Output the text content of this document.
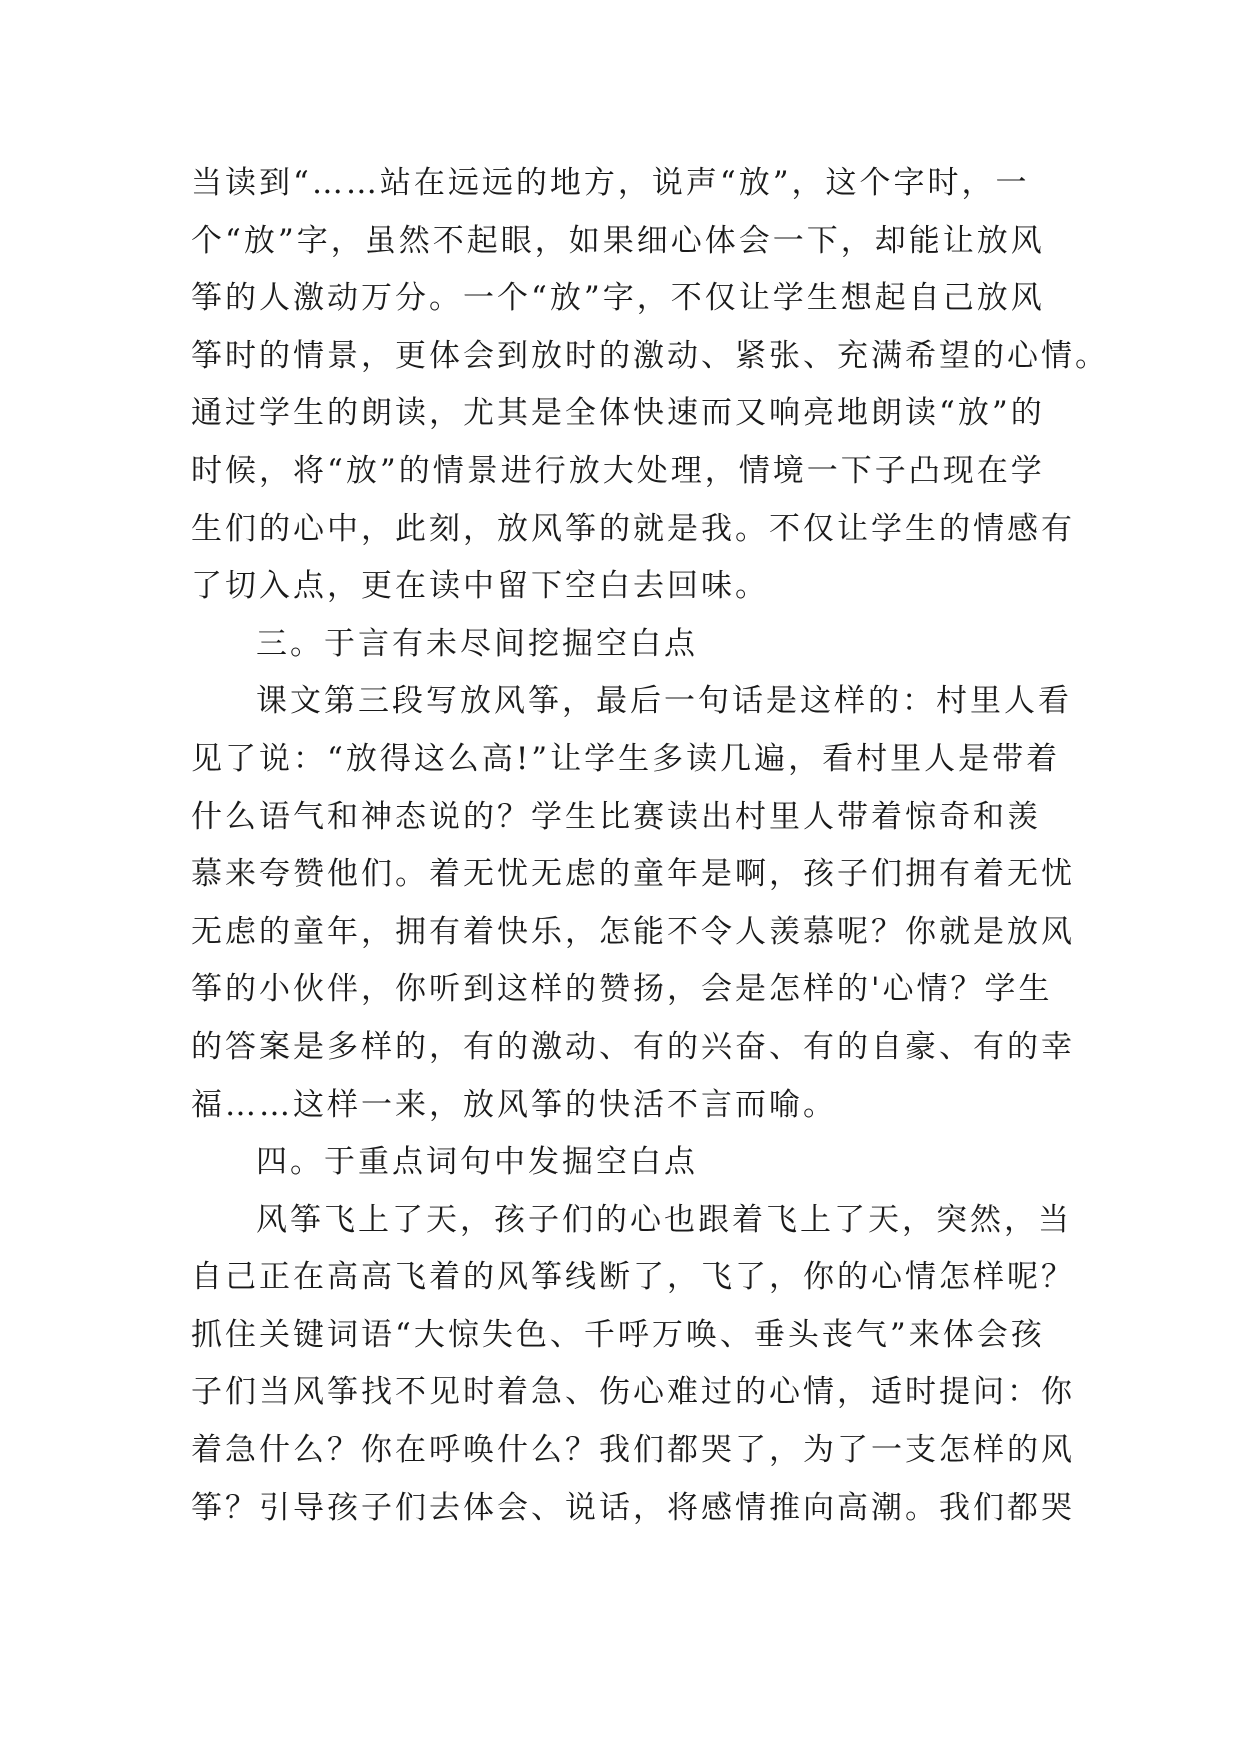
当读到“……站在远远的地方，说声“放”，这个字时，一
个“放”字，虽然不起眼，如果细心体会一下，却能让放风
筝的人激动万分。一个“放”字，不仅让学生想起自己放风
筝时的情景，更体会到放时的激动、紧张、充满希望的心情。
通过学生的朗读，尤其是全体快速而又响亮地朗读“放”的
时候，将“放”的情景进行放大处理，情境一下子凸现在学
生们的心中，此刻，放风筝的就是我。不仅让学生的情感有
了切入点，更在读中留下空白去回味。
三。于言有未尽间挖掘空白点
课文第三段写放风筝，最后一句话是这样的：村里人看
见了说：“放得这么高!”让学生多读几遍，看村里人是带着
什么语气和神态说的？学生比赛读出村里人带着惊奇和羡
慕来夸赞他们。着无忧无虑的童年是啊，孩子们拥有着无忧
无虑的童年，拥有着快乐，怎能不令人羡慕呢？你就是放风
筝的小伙伴，你听到这样的赞扬，会是怎样的'心情？学生
的答案是多样的，有的激动、有的兴奋、有的自豪、有的幸
福……这样一来，放风筝的快活不言而喻。
四。于重点词句中发掘空白点
风筝飞上了天，孩子们的心也跟着飞上了天，突然，当
自己正在高高飞着的风筝线断了，飞了，你的心情怎样呢？
抓住关键词语“大惊失色、千呼万唤、垂头丧气”来体会孩
子们当风筝找不见时着急、伤心难过的心情，适时提问：你
着急什么？你在呼唤什么？我们都哭了，为了一支怎样的风
筝？引导孩子们去体会、说话，将感情推向高潮。我们都哭
